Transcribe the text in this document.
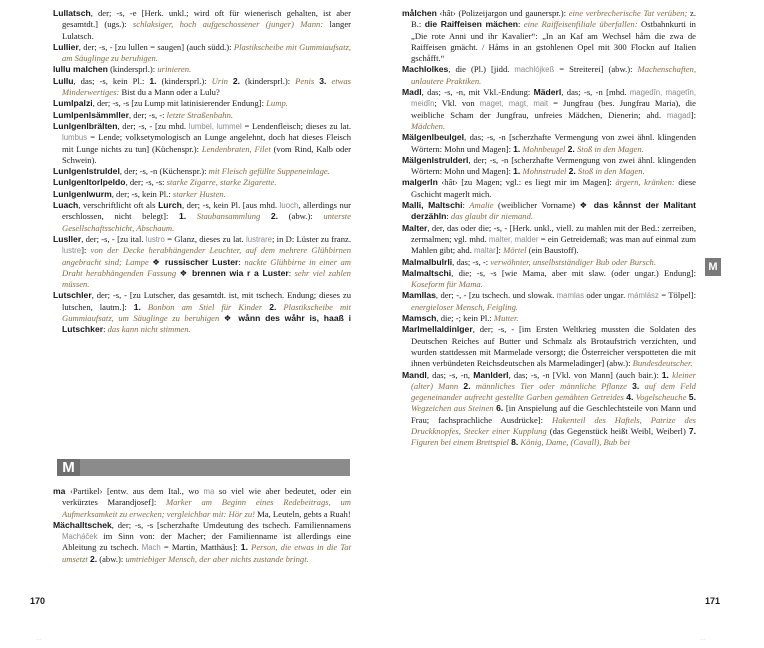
Lullatsch, der; -s, -e [Herk. unkl.; wird oft für wienerisch gehalten, ist aber gesamtdt.] (ugs.): schlaksiger, hoch aufgeschossener (junger) Mann: langer Lulatsch.

Lullier, der; -s, - [zu lullen = saugen] (auch südd.): Plastikscheibe mit Gummiaufsatz, am Säuglinge zu beruhigen.

lullu malchen (kindersprl.): urinieren.

Lullu, das; -s, kein Pl.: 1. (kindersprl.): Urin 2. (kindersprl.): Penis 3. etwas Minderwertiges: Bist du a Mann oder a Lulu?

Lumlpalzi, der; -s, -s [zu Lump mit latinisierender Endung]: Lump.

Lumlpenlsämmller, der; -s, -: letzte Straßenbahn.

Lunlgenlbrälten, der; -s, - [zu mhd. lumbel, lummel = Lendenfleisch; dieses zu lat. lumbus = Lende; volksetymologisch an Lunge angelehnt, doch hat dieses Fleisch mit Lunge nichts zu tun] (Küchenspr.): Lendenbraten, Filet (vom Rind, Kalb oder Schwein).

Lunlgenlstruldel, der; -s, -n (Küchenspr.): mit Fleisch gefüllte Suppeneinlage.

Lunlgenltorlpeldo, der; -s, -s: starke Zigarre, starke Zigarette.

Lunlgenlwurm, der; -s, kein Pl.: starker Husten.

Luach, verschriftlicht oft als Lurch, der; -s, kein Pl. [aus mhd. luoch, allerdings nur erschlossen, nicht belegt]: 1. Staubansammlung 2. (abw.): unterste Gesellschaftsschicht, Abschaum.

Lusller, der; -s, - [zu ital. lustro = Glanz, dieses zu lat. lustrare; in D: Lüster zu franz. lustre]: von der Decke herabhängender Leuchter, auf dem mehrere Glühbirnen angebracht sind; Lampe ❖ russischer Luster: nackte Glühbirne in einer am Draht herabhängenden Fassung ❖ brennen wia r a Luster: sehr viel zahlen müssen.

Lutschler, der; -s, - [zu Lutscher, das gesamtdt. ist, mit tschech. Endung; dieses zu lutschen, lautm.]: 1. Bonbon am Stiel für Kinder 2. Plastikscheibe mit Gummiaufsatz, um Säuglinge zu beruhigen ❖ wånn des wåhr is, haaß i Lutschker: das kann nicht stimmen.

M

ma ‹Partikel› [entw. aus dem Ital., wo ma so viel wie aber bedeutet, oder ein verkürztes Marandjosef]: Marker am Beginn eines Redebeitrags, um Aufmerksamkeit zu erwecken; vergleichbar mit: Hör zu! Ma, Leuteln, gebts a Ruah!

Mächalltschek, der; -s, -s [scherzhafte Umdeutung des tschech. Familiennamens Macháček im Sinn von: der Macher; der Familienname ist allerdings eine Ableitung zu tschech. Mach = Martin, Matthäus]: 1. Person, die etwas in die Tat umsetzt 2. (abw.): umtriebiger Mensch, der aber nichts zustande bringt.

målchen ‹hât› (Polizeijargon und gaunerspr.): eine verbrecherische Tat verüben; z. B.: die Raiffeisen mächen: eine Raiffeisenfiliale überfallen: Ostbahnkurti in „Die rote Anni und ihr Kavalier“: „In an Kaf am Wechsel håm die zwa de Raiffeisen gmächt. / Håms in an gstohlenen Opel mit 300 Flockn auf Italien gschåfft.“

Machlolkes, die (Pl.) [jidd. machlójkeß = Streiterei] (abw.): Machenschaften, unlautere Praktiken.

Madl, das; -s, -n, mit Vkl.-Endung: Mäderl, das; -s, -n [mhd. magedîn, magetîn, meidîn; Vkl. von maget, magt, mait = Jungfrau (bes. Jungfrau Maria), die weibliche Scham der Jungfrau, unfreies Mädchen, Dienerin; ahd. magad]: Mädchen.

Mälgenlbeulgel, das; -s, -n [scherzhafte Vermengung von zwei ähnl. klingenden Wörtern: Mohn und Magen]: 1. Mohnbeugel 2. Stoß in den Magen.

Mälgenlstrulderl, der; -s, -n [scherzhafte Vermengung von zwei ähnl. klingenden Wörtern: Mohn und Magen]: 1. Mohnstrudel 2. Stoß in den Magen.

malgerln ‹hât› [zu Magen; vgl.: es liegt mir im Magen]: ärgern, kränken: diese Gschicht magerlt mich.

Malli, Maltschi: Amalie (weiblicher Vorname) ❖ das kånnst der Malitant derzähln: das glaubt dir niemand.

Malter, der, das oder die; -s, - [Herk. unkl., viell. zu mahlen mit der Bed.: zerreiben, zermalmen; vgl. mhd. malter, malder = ein Getreidemaß; was man auf einmal zum Mahlen gibt; ahd. maltar]: Mörtel (ein Baustoff).

Malmalbulrli, das; -s, -: verwöhnter, unselbstständiger Bub oder Bursch.

Malmaltschi, die; -s, -s [wie Mama, aber mit slaw. (oder ungar.) Endung]: Koseform für Mama.

Mamllas, der; -, - [zu tschech. und slowak. mamlas oder ungar. mámlász = Tölpel]: energieloser Mensch, Feigling.

Mamsch, die; -; kein Pl.: Mutter.

Marlmellaldinlger, der; -s, - [im Ersten Weltkrieg mussten die Soldaten des Deutschen Reiches auf Butter und Schmalz als Brotaufstrich verzichten, und wurden stattdessen mit Marmelade versorgt; die Österreicher verspotteten die mit ihnen verbündeten Reichsdeutschen als Marmeladinger] (abw.): Bundesdeutscher.

Mandl, das; -s, -n, Manlderl, das; -s, -n [Vkl. von Mann] (auch bair.): 1. kleiner (alter) Mann 2. männliches Tier oder männliche Pflanze 3. auf dem Feld gegeneinander aufrecht gestellte Garben gemähten Getreides 4. Vogelscheuche 5. Wegzeichen aus Steinen 6. [in Anspielung auf die Geschlechtsteile von Mann und Frau; fachsprachliche Ausdrücke]: Hakenteil des Haftels, Patrize des Druckknopfes, Stecker einer Kupplung (das Gegenstück heißt Weibl, Weiberl) 7. Figuren bei einem Brettspiel 8. König, Dame, (Cavall), Bub bei

M
170	171
...	...
